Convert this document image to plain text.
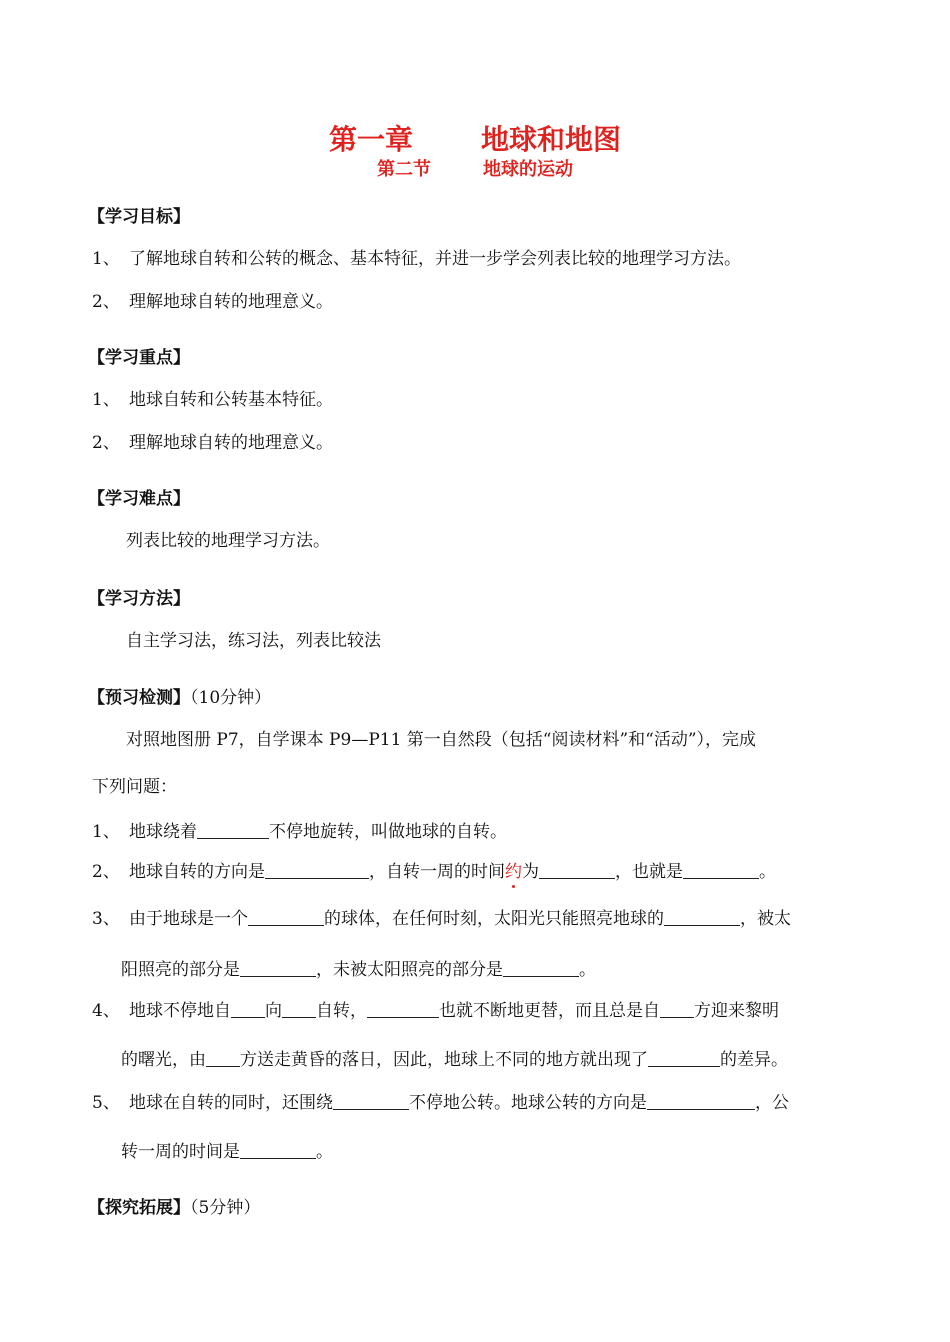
第一章 地球和地图
第二节	地球的运动
【学习目标】
1、 了解地球自转和公转的概念、基本特征，并进一步学会列表比较的地理学习方法。
2、 理解地球自转的地理意义。
【学习重点】
1、 地球自转和公转基本特征。
2、 理解地球自转的地理意义。
【学习难点】
列表比较的地理学习方法。
【学习方法】
自主学习法，练习法，列表比较法
【预习检测】（10分钟）
对照地图册 P7，自学课本 P9—P11 第一自然段（包括“阅读材料”和“活动”），完成
下列问题：
1、 地球绕着	不停地旋转，叫做地球的自转。
2、 地球自转的方向是	，自转一周的时间约为	，也就是	。
3、 由于地球是一个	的球体，在任何时刻，太阳光只能照亮地球的	，被太
阳照亮的部分是	，未被太阳照亮的部分是	。
4、 地球不停地自 向 自转，	也就不断地更替，而且总是自 方迎来黎明
的曙光，由 方送走黄昏的落日，因此，地球上不同的地方就出现了	的差异。
5、 地球在自转的同时，还围绕	不停地公转。地球公转的方向是	，公
转一周的时间是	。
【探究拓展】（5分钟）
